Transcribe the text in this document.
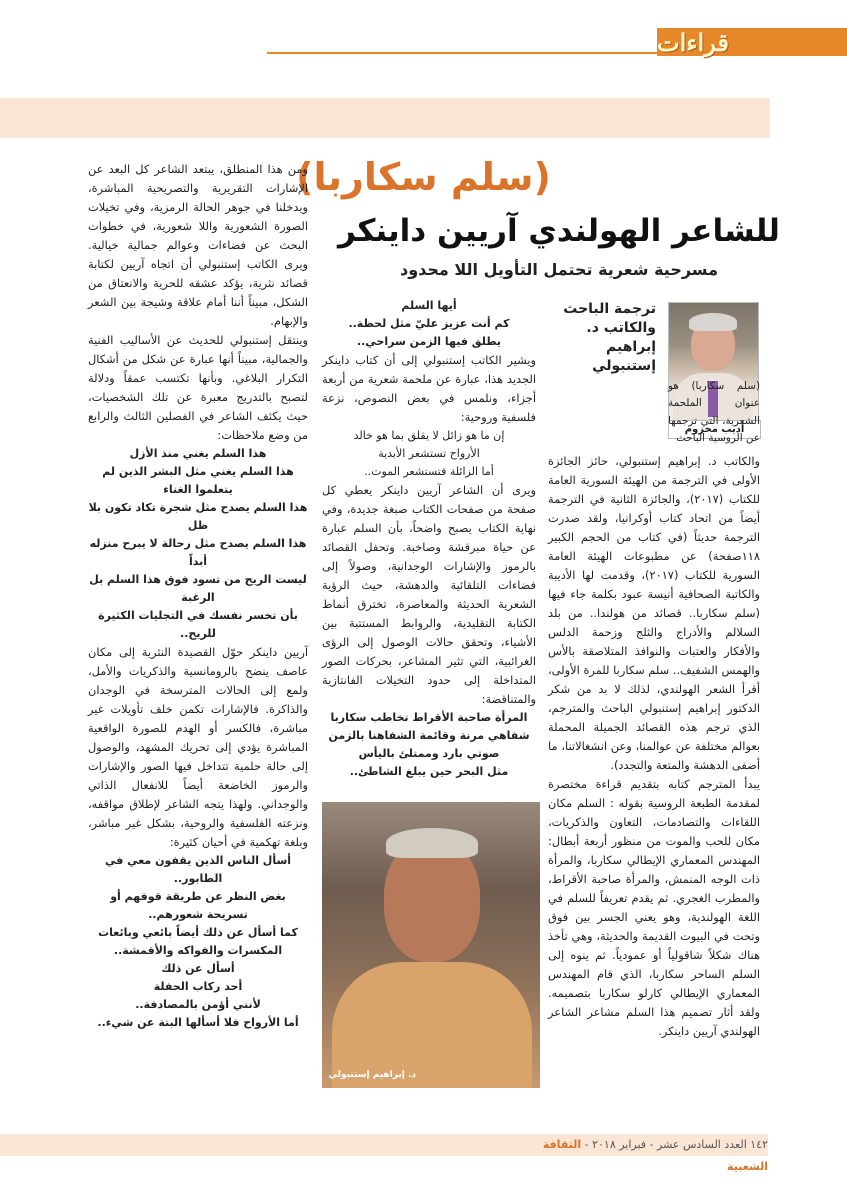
قراءات
(سلم سكاربا)
للشاعر الهولندي آريين داينكر
مسرحية شعرية تحتمل التأويل اللا محدود
أديب مخزوم
ترجمة الباحث والكاتب د. إبراهيم إستنبولي
(سلم سكاربا) هو عنوان الملحمة الشعرية، التي ترجمها عن الروسية الباحث

والكاتب د. إبراهيم إستنبولي، حائز الجائزة الأولى في الترجمة من الهيئة السورية العامة للكتاب (٢٠١٧)، والجائزة الثانية في الترجمة أيضاً من اتحاد كتاب أوكرانيا، ولقد صدرت الترجمة حديثاً (في كتاب من الحجم الكبير ١١٨صفحة) عن مطبوعات الهيئة العامة السورية للكتاب (٢٠١٧)، وقدمت لها الأديبة والكاتبة الصحافية أنيسة عبود بكلمة جاء فيها (سلم سكاربا.. قصائد من هولندا.. من بلد السلالم والأدراج والثلج وزحمة الدلس والأفكار والعتبات والنوافذ المتلاصقة بالأس والهمس الشفيف.. سلم سكاربا للمرة الأولى، أقرأ الشعر الهولندي، لذلك لا بد من شكر الدكتور إبراهيم إستنبولي الباحث والمترجم، الذي ترجم هذه القصائد الجميلة المحملة بعوالم مختلفة عن عوالمنا، وعن انشغالاتنا، ما أضفى الدهشة والمتعة والتجدد).

يبدأ المترجم كتابه بتقديم قراءة مختصرة لمقدمة الطبعة الروسية بقوله : السلم مكان اللقاءات والتصادمات، التعاون والذكريات، مكان للحب والموت من منظور أربعة أبطال: المهندس المعماري الإيطالي سكاربا، والمرأة ذات الوجه المنمش، والمرأة صاحبة الأقراط، والمطرب الغجري. ثم يقدم تعريفاً للسلم في اللغة الهولندية، وهو يعني الجسر بين فوق وتحت في البيوت القديمة والحديثة، وهي تأخذ هناك شكلاً شاقولياً أو عمودياً. ثم ينوه إلى السلم الساحر سكاربا، الذي قام المهندس المعماري الإيطالي كارلو سكاربا بتصميمه. ولقد أثار تصميم هذا السلم مشاعر الشاعر الهولندي آريين داينكر.

أيها السلم

كم أنت عزيز عليّ مثل لحظة..

يطلق فيها الزمن سراحي..

ويشير الكاتب إستنبولي إلى أن كتاب داينكر الجديد هذا، عبارة عن ملحمة شعرية من أربعة أجزاء، ونلمس في بعض النصوص، نزعة فلسفية وروحية:

إن ما هو زائل لا يقلق بما هو خالد

الأرواح تستشعر الأبدية

أما الزائلة فتستشعر الموت..

ويرى أن الشاعر آريين داينكر يعطي كل صفحة من صفحات الكتاب صبغة جديدة، وفي نهاية الكتاب يصبح واضحاً، بأن السلم عبارة عن حياة مبرقشة وصاخبة. وتحفل القصائد بالرموز والإشارات الوجدانية، وصولاً إلى فضاءات التلقائية والدهشة، حيث الرؤية الشعرية الحديثة والمعاصرة، تخترق أنماط الكتابة التقليدية، والروابط المستتبة بين الأشياء، وتحقق حالات الوصول إلى الرؤى الغرائبية، التي تثير المشاعر، بحركات الصور المتداخلة إلى حدود التخيلات الفانتازية والمتناقضة:

المرأة صاحبة الأقراط تخاطب سكاربا

شفاهي مرنة وقائمة الشفاهنا بالزمن

صوتي بارد وممتلئ باليأس

مثل البحر حين يبلغ الشاطئ..

د. إبراهيم إستنبولي

ومن هذا المنطلق، يبتعد الشاعر كل البعد عن الإشارات التقريرية والتصريحية المباشرة، ويدخلنا في جوهر الحالة الرمزية، وفي تخيلات الصورة الشعورية واللا شعورية، في خطوات البحث عن فضاءات وعوالم جمالية خيالية. ويرى الكاتب إستنبولي أن اتجاه آريين لكتابة قصائد نثرية، يؤكد عشقه للحرية والانعتاق من الشكل، مبيناً أننا أمام علاقة وشيجة بين الشعر والإبهام.

وينتقل إستنبولي للحديث عن الأساليب الفنية والجمالية، مبيناً أنها عبارة عن شكل من أشكال التكرار البلاغي. وبأنها تكتسب عمقاً ودلالة لتصبح بالتدريج معبرة عن تلك الشخصيات، حيث يكثف الشاعر في الفصلين الثالث والرابع من وضع ملاحظات:

هذا السلم يغني منذ الأزل

هذا السلم يغني مثل البشر الذين لم يتعلموا الغناء

هذا السلم يصدح مثل شجرة تكاد تكون بلا ظل

هذا السلم يصدح مثل رحالة لا يبرح منزله أبداً

ليست الريح من تسود فوق هذا السلم بل الرغبة

بأن تخسر نفسك في التجليات الكثيرة للريح..

آريين داينكر حوّل القصيدة النثرية إلى مكان عاصف ينضح بالرومانسية والذكريات والأمل، ولمع إلى الحالات المترسخة في الوجدان والذاكرة. فالإشارات تكمن خلف تأويلات غير مباشرة، فالكسر أو الهدم للصورة الواقعية المباشرة يؤدي إلى تحريك المشهد، والوصول إلى حالة حلمية تتداخل فيها الصور والإشارات والرموز الخاضعة أيضاً للانفعال الذاتي والوجداني. ولهذا يتجه الشاعر لإطلاق مواقفه، ونزعته الفلسفية والروحية، بشكل غير مباشر، وبلغة تهكمية في أحيان كثيرة:

أسأل الناس الذين يقفون معي في الطابور..

بغض النظر عن طريقة قوفهم أو تسريحة شعورهم..

كما أسأل عن ذلك أيضاً بائعي وبائعات المكسرات والفواكه والأقمشة..

أسأل عن ذلك

أحد ركاب الحفلة

لأنني أؤمن بالمصادفة..

أما الأرواح فلا أسألها البتة عن شيء..

١٤٢ العدد السادس عشر - فبراير ٢٠١٨ - الثقافة الشعبية
